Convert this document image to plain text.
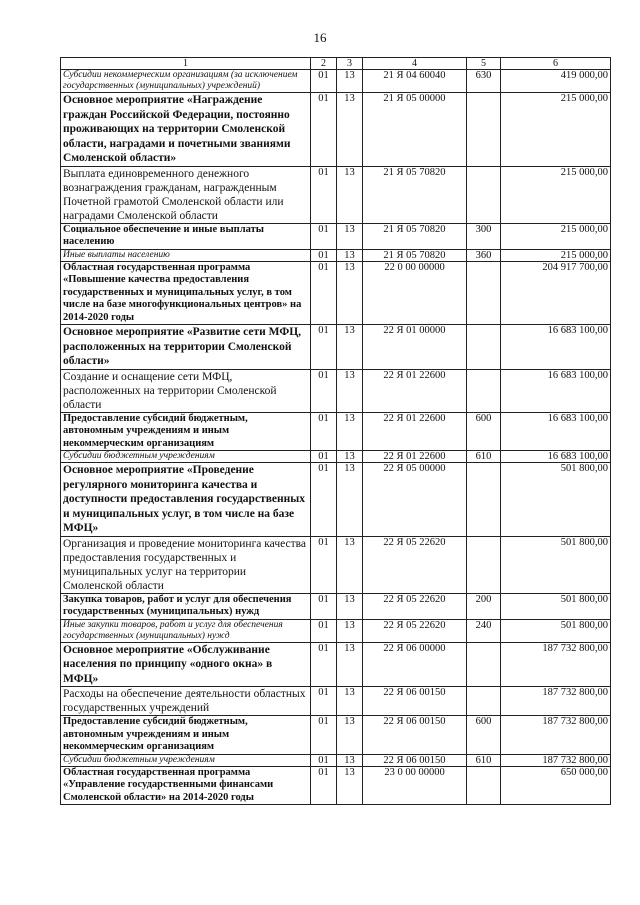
16
1	2	3	4	5	6
Субсидии некоммерческим организациям (за исключением государственных (муниципальных) учреждений)	01	13	21 Я 04 60040	630	419 000,00
Основное мероприятие «Награждение граждан Российской Федерации, постоянно проживающих на территории Смоленской области, наградами и почетными званиями Смоленской области»	01	13	21 Я 05 00000		215 000,00
Выплата единовременного денежного вознаграждения гражданам, награжденным Почетной грамотой Смоленской области или наградами Смоленской области	01	13	21 Я 05 70820		215 000,00
Социальное обеспечение и иные выплаты населению	01	13	21 Я 05 70820	300	215 000,00
Иные выплаты населению	01	13	21 Я 05 70820	360	215 000,00
Областная государственная программа «Повышение качества предоставления государственных и муниципальных услуг, в том числе на базе многофункциональных центров» на 2014-2020 годы	01	13	22 0 00 00000		204 917 700,00
Основное мероприятие «Развитие сети МФЦ, расположенных на территории Смоленской области»	01	13	22 Я 01 00000		16 683 100,00
Создание и оснащение сети МФЦ, расположенных на территории Смоленской области	01	13	22 Я 01 22600		16 683 100,00
Предоставление субсидий бюджетным, автономным учреждениям и иным некоммерческим организациям	01	13	22 Я 01 22600	600	16 683 100,00
Субсидии бюджетным учреждениям	01	13	22 Я 01 22600	610	16 683 100,00
Основное мероприятие «Проведение регулярного мониторинга качества и доступности предоставления государственных и муниципальных услуг, в том числе на базе МФЦ»	01	13	22 Я 05 00000		501 800,00
Организация и проведение мониторинга качества предоставления государственных и муниципальных услуг на территории Смоленской области	01	13	22 Я 05 22620		501 800,00
Закупка товаров, работ и услуг для обеспечения государственных (муниципальных) нужд	01	13	22 Я 05 22620	200	501 800,00
Иные закупки товаров, работ и услуг для обеспечения государственных (муниципальных) нужд	01	13	22 Я 05 22620	240	501 800,00
Основное мероприятие «Обслуживание населения по принципу «одного окна» в МФЦ»	01	13	22 Я 06 00000		187 732 800,00
Расходы на обеспечение деятельности областных государственных учреждений	01	13	22 Я 06 00150		187 732 800,00
Предоставление субсидий бюджетным, автономным учреждениям и иным некоммерческим организациям	01	13	22 Я 06 00150	600	187 732 800,00
Субсидии бюджетным учреждениям	01	13	22 Я 06 00150	610	187 732 800,00
Областная государственная программа «Управление государственными финансами Смоленской области» на 2014-2020 годы	01	13	23 0 00 00000		650 000,00
